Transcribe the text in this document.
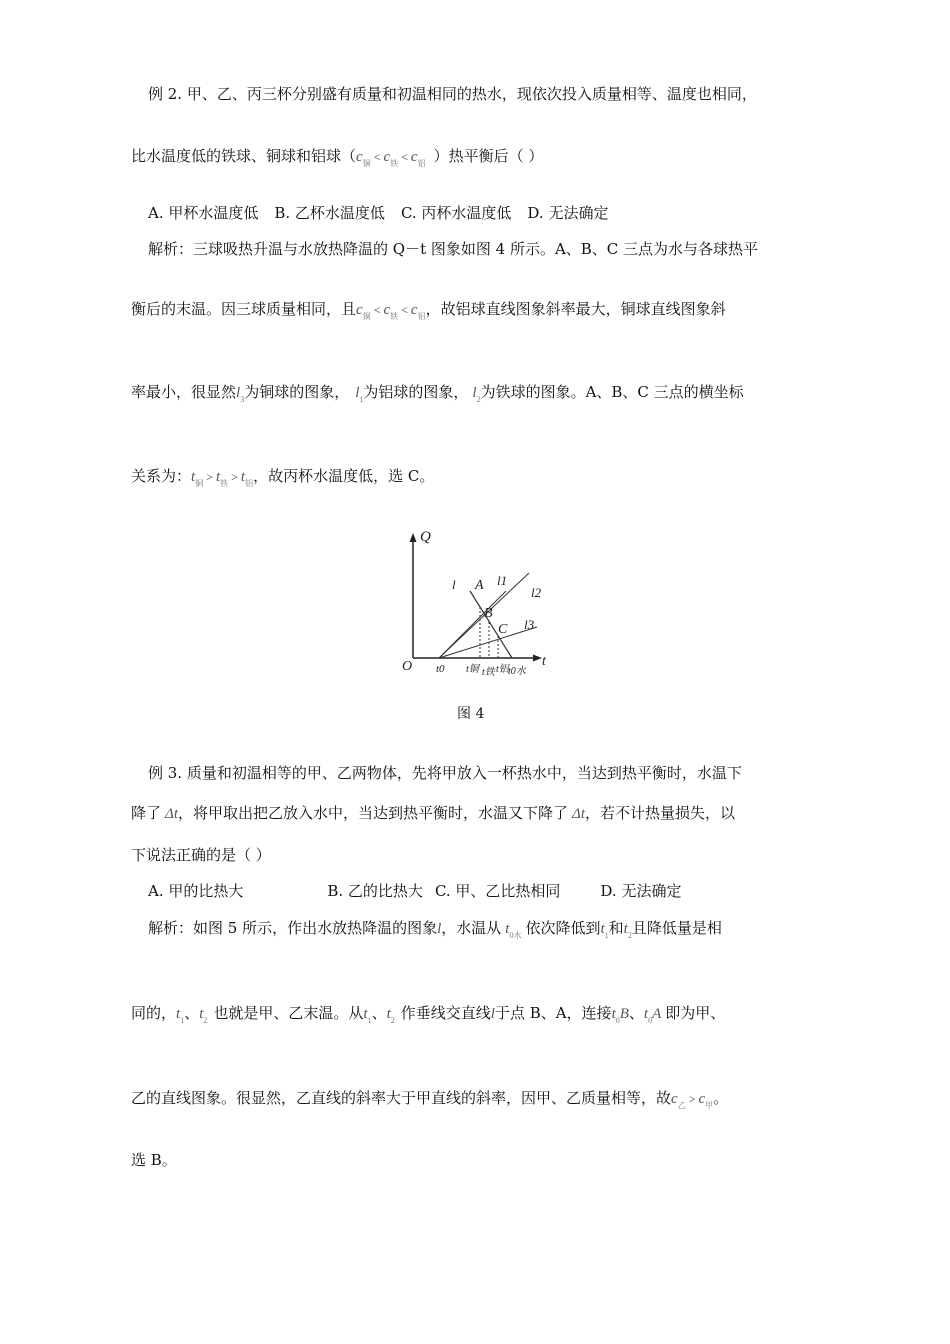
例 2. 甲、乙、丙三杯分别盛有质量和初温相同的热水，现依次投入质量相等、温度也相同，
比水温度低的铁球、铜球和铝球（$c_铜 < c_铁 < c_铝$ ）热平衡后（ ）
A. 甲杯水温度低 B. 乙杯水温度低 C. 丙杯水温度低 D. 无法确定
解析：三球吸热升温与水放热降温的 Q－t 图象如图 4 所示。A、B、C 三点为水与各球热平
衡后的末温。因三球质量相同，且$c_铜 < c_铁 < c_铝$，故铝球直线图象斜率最大，铜球直线图象斜
率最小，很显然$l_3$为铜球的图象， $l_1$为铝球的图象， $l_2$为铁球的图象。A、B、C 三点的横坐标
关系为：$t_铜 > t_铁 > t_铝$，故丙杯水温度低，选 C。
Q
t
O
l	l1
l2
l3
A
B
C
t0 t铜 t铁 t铝 t0水
图 4
例 3. 质量和初温相等的甲、乙两物体，先将甲放入一杯热水中，当达到热平衡时，水温下
降了 Δt，将甲取出把乙放入水中，当达到热平衡时，水温又下降了 Δt，若不计热量损失，以
下说法正确的是（ ）
A. 甲的比热大	B. 乙的比热大 C. 甲、乙比热相同	D. 无法确定
解析：如图 5 所示，作出水放热降温的图象l，水温从 $t_{0水}$ 依次降低到$t_1$和$t_2$且降低量是相
同的，$t_1$、$t_2$ 也就是甲、乙末温。从$t_1$、$t_2$ 作垂线交直线l于点 B、A，连接$t_0B$、$t_0A$ 即为甲、
乙的直线图象。很显然，乙直线的斜率大于甲直线的斜率，因甲、乙质量相等，故$c_乙 > c_甲$。
选 B。
